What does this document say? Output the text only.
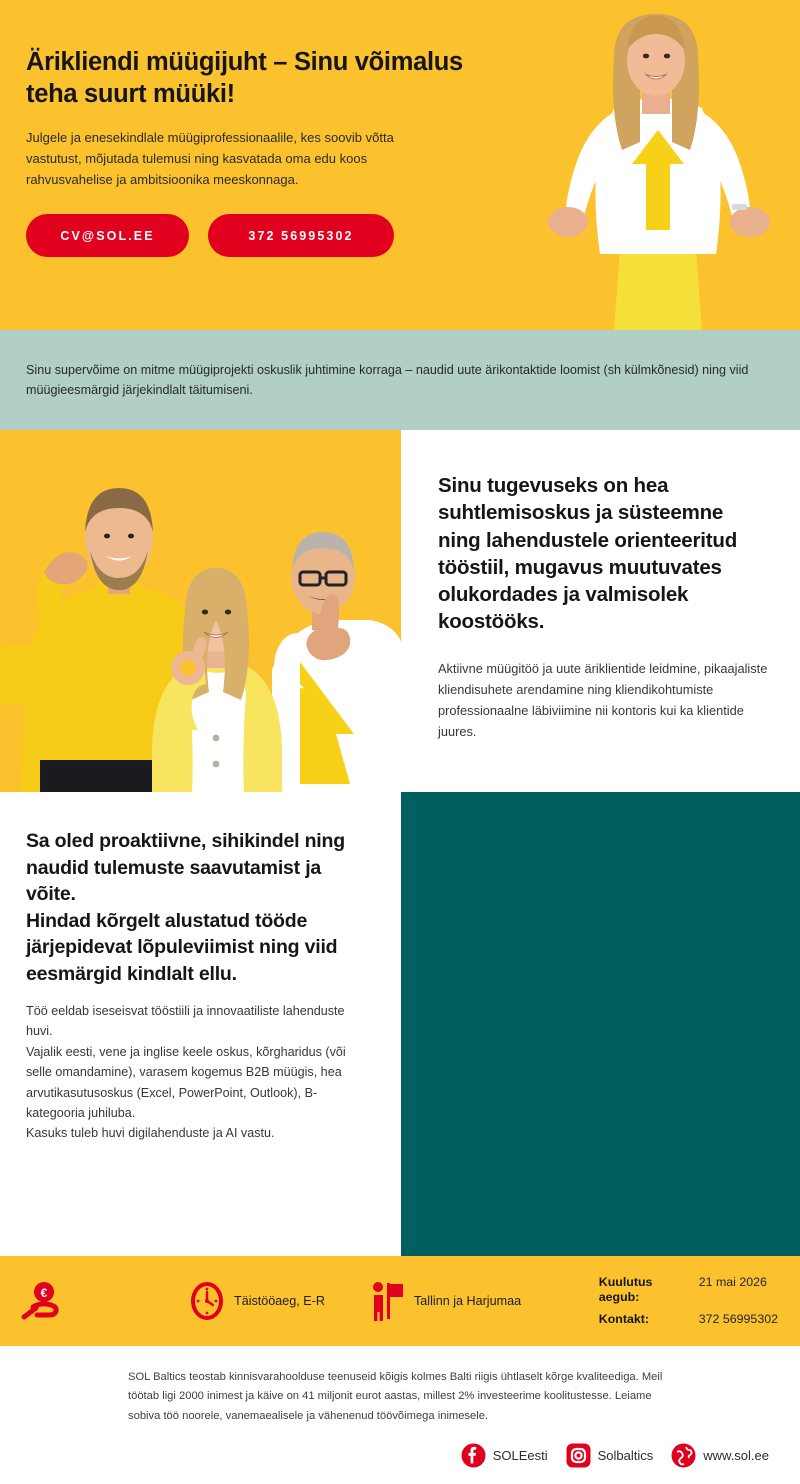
Ärikliendi müügijuht – Sinu võimalus teha suurt müüki!

Julgele ja enesekindlale müügiprofessionaalile, kes soovib võtta vastutust, mõjutada tulemusi ning kasvatada oma edu koos rahvusvahelise ja ambitsioonika meeskonnaga.

CV@SOL.EE	372 56995302

Sinu supervõime on mitme müügiprojekti oskuslik juhtimine korraga – naudid uute ärikontaktide loomist (sh külmkõnesid) ning viid müügieesmärgid järjekindlalt täitumiseni.

Sinu tugevuseks on hea suhtlemisoskus ja süsteemne ning lahendustele orienteeritud tööstiil, mugavus muutuvates olukordades ja valmisolek koostööks.

Aktiivne müügitöö ja uute äriklientide leidmine, pikaajaliste kliendisuhete arendamine ning kliendikohtumiste professionaalne läbiviimine nii kontoris kui ka klientide juures.

Sa oled proaktiivne, sihikindel ning naudid tulemuste saavutamist ja võite.
Hindad kõrgelt alustatud tööde järjepidevat lõpuleviimist ning viid eesmärgid kindlalt ellu.

Töö eeldab iseseisvat tööstiili ja innovaatiliste lahenduste huvi.

Vajalik eesti, vene ja inglise keele oskus, kõrgharidus (või selle omandamine), varasem kogemus B2B müügis, hea arvutikasutusoskus (Excel, PowerPoint, Outlook), B-kategooria juhiluba.

Kasuks tuleb huvi digilahenduste ja AI vastu.

€
Täistööaeg, E-R	Tallinn ja Harjumaa
Kuulutus aegub:
21 mai 2026
Kontakt:	372 56995302

SOL Baltics teostab kinnisvarahoolduse teenuseid kõigis kolmes Balti riigis ühtlaselt kõrge kvaliteediga. Meil töötab ligi 2000 inimest ja käive on 41 miljonit eurot aastas, millest 2% investeerime koolitustesse. Leiame sobiva töö noorele, vanemaealisele ja vähenenud töövõimega inimesele.

SOLEesti	Solbaltics	www.sol.ee
